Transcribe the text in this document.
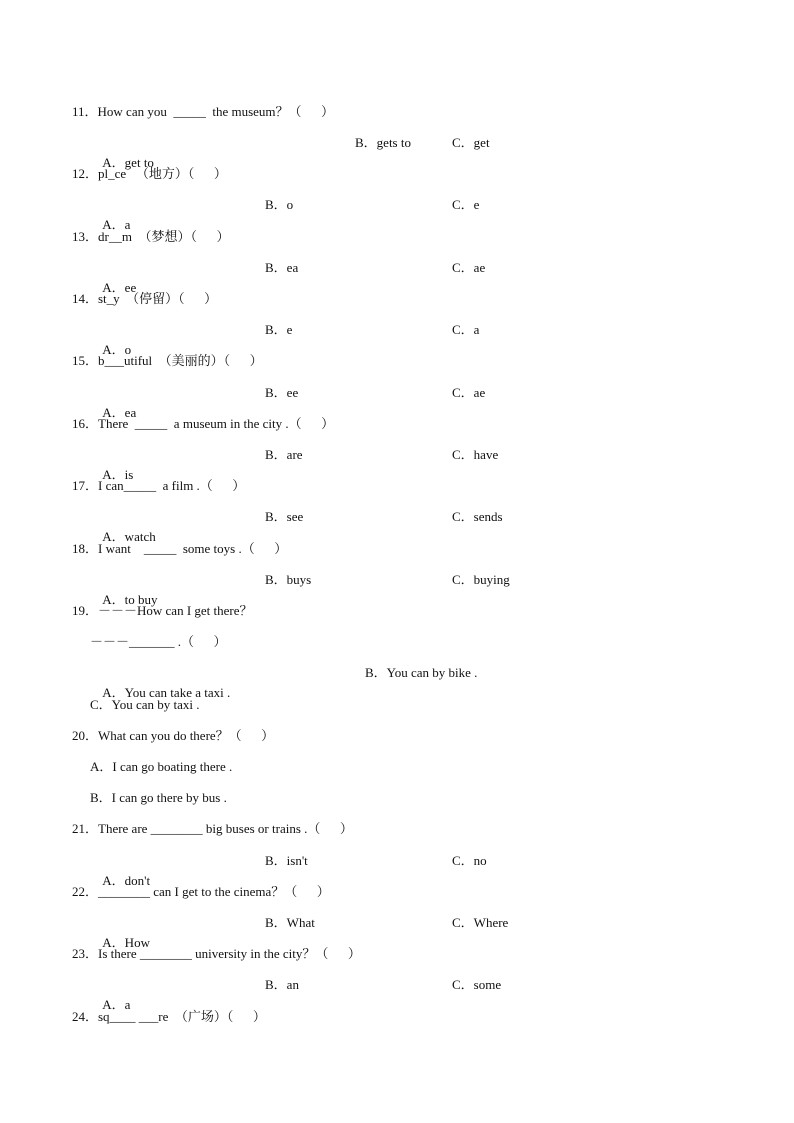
11．How can you  _____  the museum？（      ）

A．get to

B．gets to

	C．get

12．pl_ce   （地方）（      ）

A．a

B．o

	C．e

13．dr__m  （梦想）（      ）

A．ee

B．ea

	C．ae

14．st_y  （停留）（      ）

A．o

B．e

	C．a

15．b___utiful  （美丽的）（      ）

A．ea

B．ee

	C．ae

16．There  _____  a museum in the city .（      ）

A．is

B．are

	C．have

17．I can_____  a film .（      ）

A．watch

B．see

	C．sends

18．I want    _____  some toys .（      ）

A．to buy

B．buys

	C．buying

19．－－－How can I get there？
－－－_______ .（      ）

A．You can take a taxi .

B．You can by bike .

C．You can by taxi .
20．What can you do there？（      ）
A．I can go boating there .
B．I can go there by bus .
21．There are ________ big buses or trains .（      ）

A．don't

B．isn't

	C．no

22．________ can I get to the cinema？（      ）

A．How

B．What

	C．Where

23．Is there ________ university in the city？（      ）

A．a

B．an

	C．some

24．sq____ ___re  （广场）（      ）
